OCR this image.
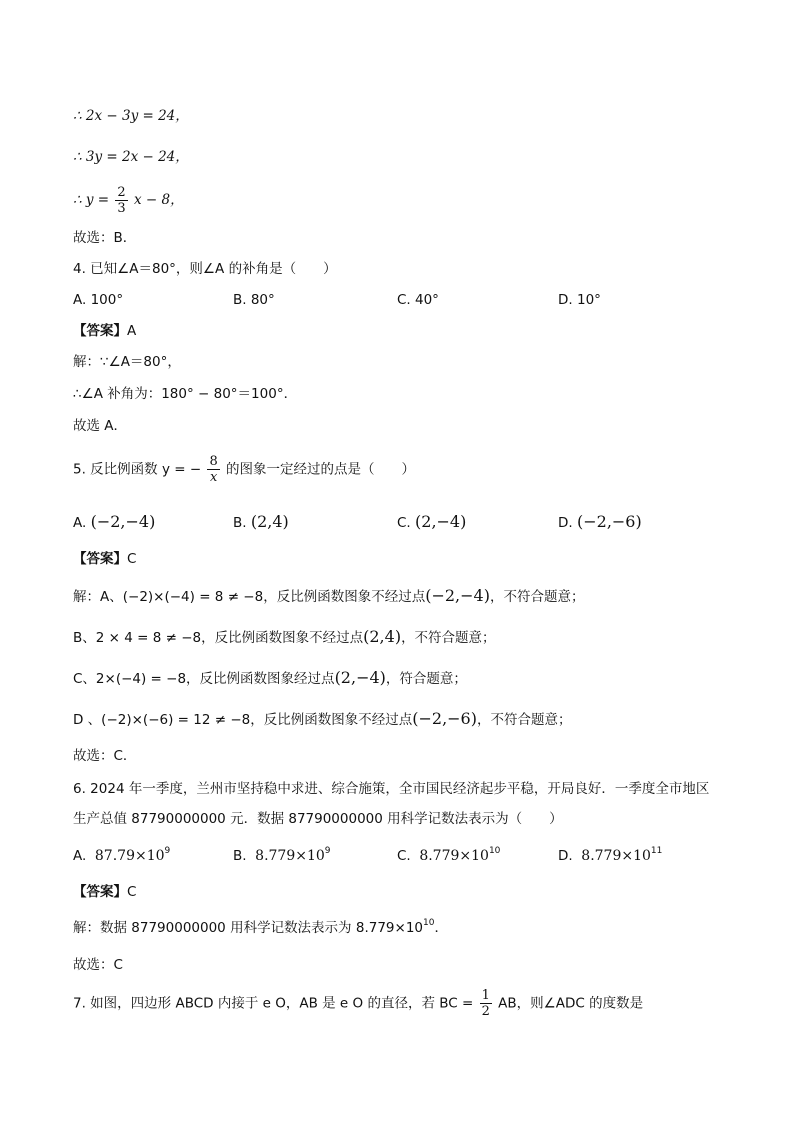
∴ 2x − 3y = 24，
∴ 3y = 2x − 24，
∴ $y = \frac{2}{3}$ x − 8，
故选：B．
4. 已知∠A＝80°，则∠A 的补角是（　　）
A. 100°	B. 80°	C. 40°	D. 10°
【答案】A
解：∵∠A＝80°，
∴∠A 补角为：180° − 80°＝100°．
故选 A．
5. 反比例函数 y = − $\frac{8}{x}$ 的图象一定经过的点是（　　）
A. (−2,−4)	B. (2,4)	C. (2,−4)	D. (−2,−6)
【答案】C
解：A、(−2)×(−4) = 8 ≠ −8，反比例函数图象不经过点(−2,−4)，不符合题意；
B、2 × 4 = 8 ≠ −8，反比例函数图象不经过点(2,4)，不符合题意；
C、2×(−4) = −8，反比例函数图象经过点(2,−4)，符合题意；
D 、(−2)×(−6) = 12 ≠ −8，反比例函数图象不经过点(−2,−6)，不符合题意；
故选：C．
6. 2024 年一季度，兰州市坚持稳中求进、综合施策，全市国民经济起步平稳，开局良好．一季度全市地区
生产总值 87790000000 元．数据 87790000000 用科学记数法表示为（　　）
A. $87.79\times 10^9$	B. $8.779\times 10^9$	C. $8.779\times 10^{10}$	D. $8.779\times 10^{11}$
【答案】C
解：数据 87790000000 用科学记数法表示为 $8.779\times 10^{10}$．
故选：C
7. 如图，四边形 ABCD 内接于 e O，AB 是 e O 的直径，若 BC = $\frac{1}{2}$ AB，则∠ADC 的度数是
